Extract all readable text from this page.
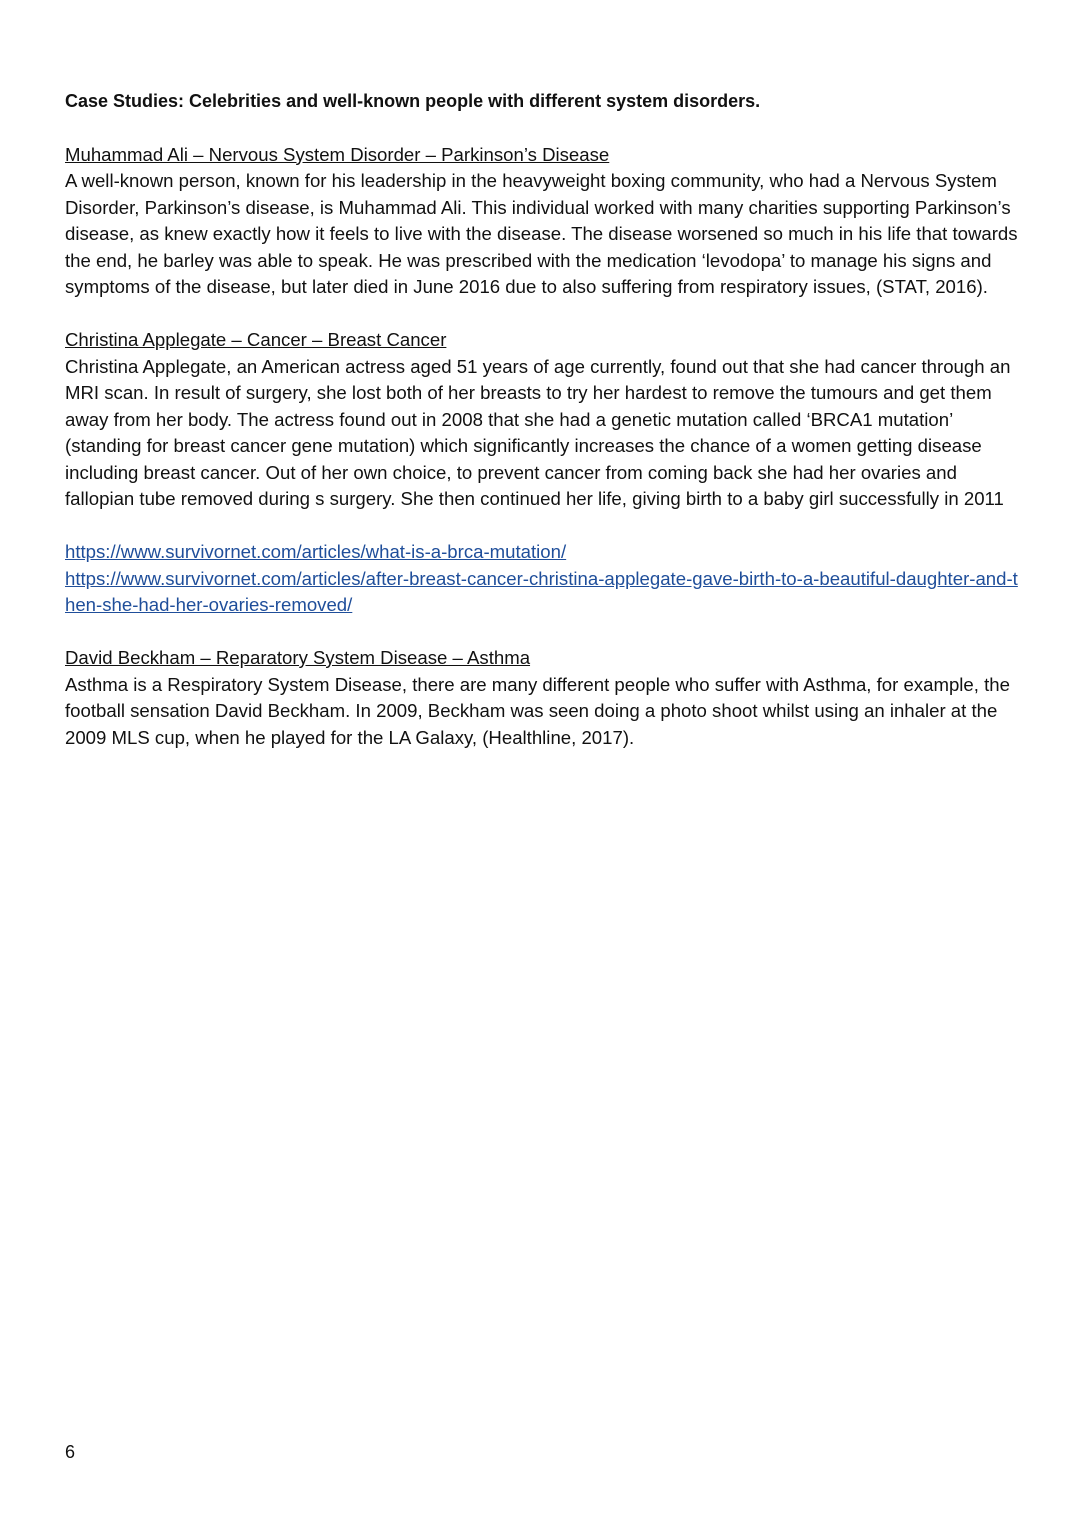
Case Studies: Celebrities and well-known people with different system disorders.
Muhammad Ali – Nervous System Disorder – Parkinson’s Disease

A well-known person, known for his leadership in the heavyweight boxing community, who had a Nervous System Disorder, Parkinson’s disease, is Muhammad Ali. This individual worked with many charities supporting Parkinson’s disease, as knew exactly how it feels to live with the disease. The disease worsened so much in his life that towards the end, he barley was able to speak. He was prescribed with the medication ‘levodopa’ to manage his signs and symptoms of the disease, but later died in June 2016 due to also suffering from respiratory issues, (STAT, 2016).

Christina Applegate – Cancer – Breast Cancer

Christina Applegate, an American actress aged 51 years of age currently, found out that she had cancer through an MRI scan. In result of surgery, she lost both of her breasts to try her hardest to remove the tumours and get them away from her body. The actress found out in 2008 that she had a genetic mutation called ‘BRCA1 mutation’ (standing for breast cancer gene mutation) which significantly increases the chance of a women getting disease including breast cancer. Out of her own choice, to prevent cancer from coming back she had her ovaries and fallopian tube removed during s surgery. She then continued her life, giving birth to a baby girl successfully in 2011

https://www.survivornet.com/articles/what-is-a-brca-mutation/
https://www.survivornet.com/articles/after-breast-cancer-christina-applegate-gave-birth-to-a-beautiful-daughter-and-then-she-had-her-ovaries-removed/
David Beckham – Reparatory System Disease – Asthma

Asthma is a Respiratory System Disease, there are many different people who suffer with Asthma, for example, the football sensation David Beckham. In 2009, Beckham was seen doing a photo shoot whilst using an inhaler at the 2009 MLS cup, when he played for the LA Galaxy, (Healthline, 2017).

6
